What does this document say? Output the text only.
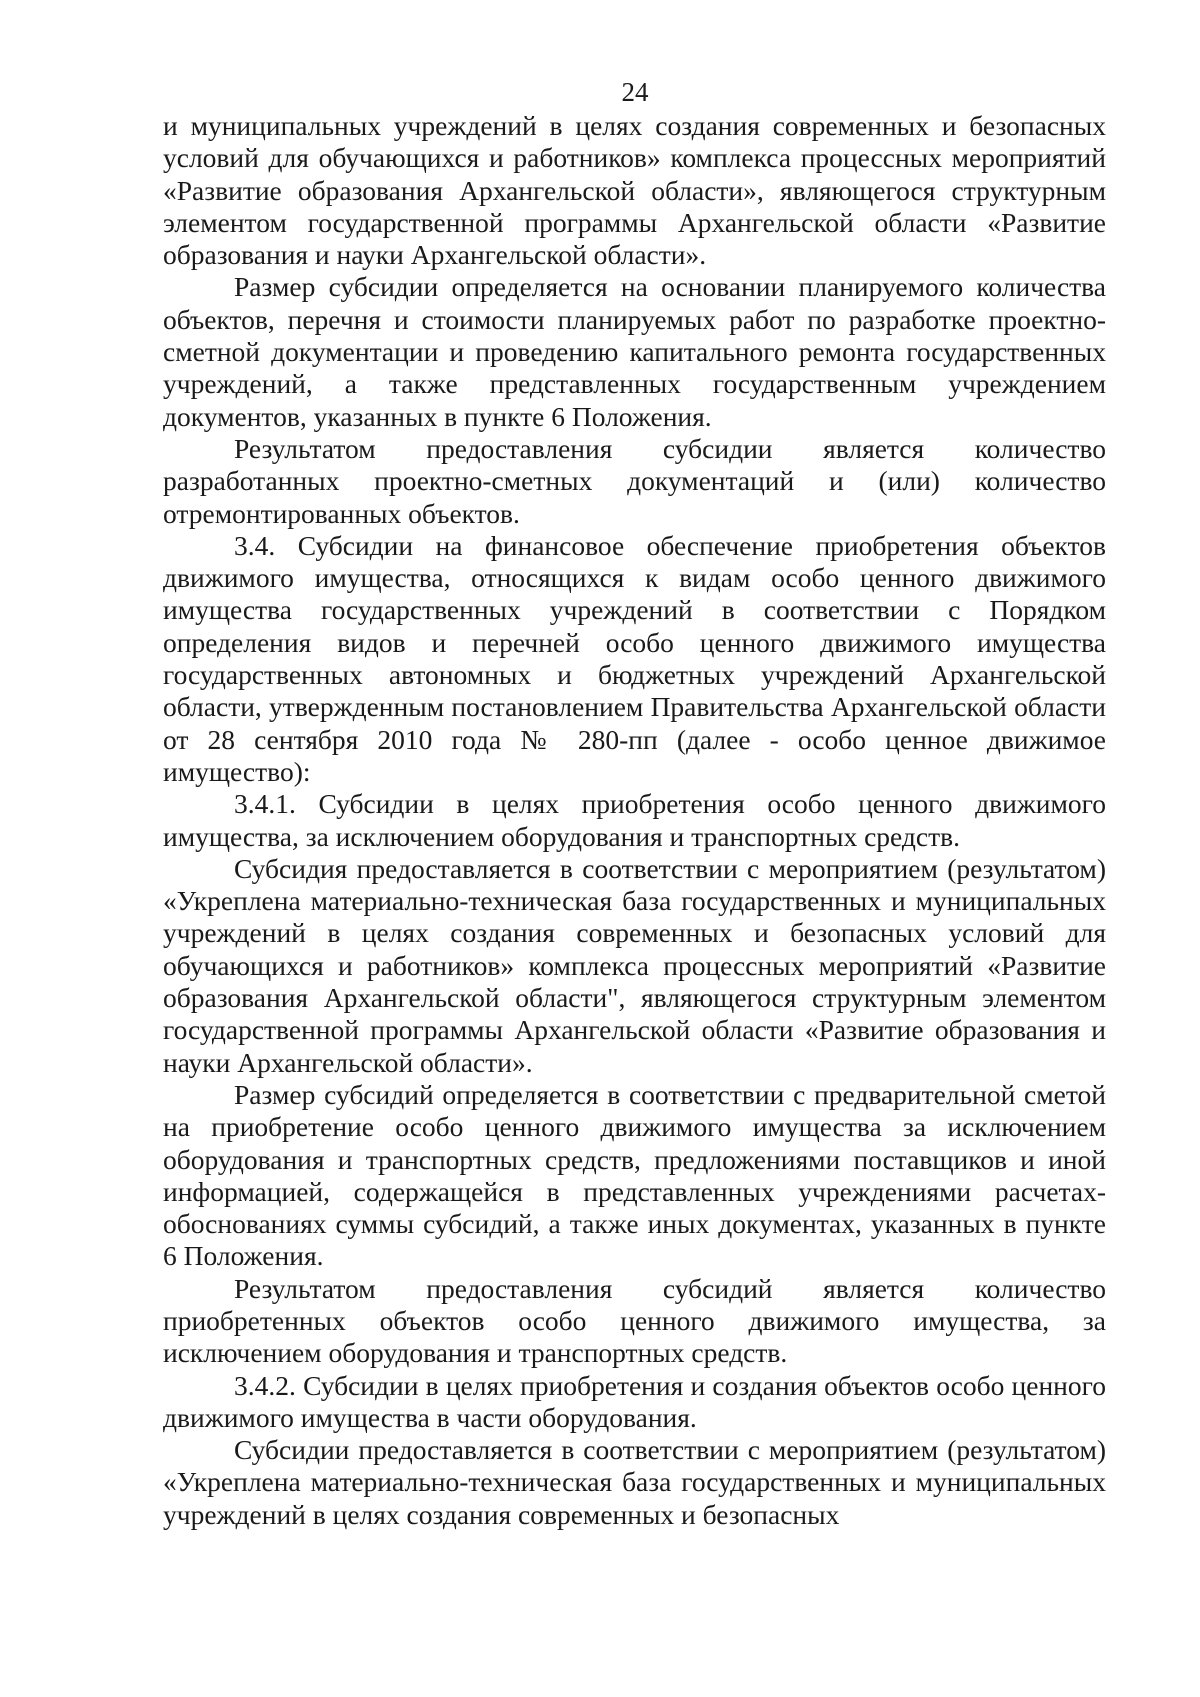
24

и муниципальных учреждений в целях создания современных и безопасных условий для обучающихся и работников» комплекса процессных мероприятий «Развитие образования Архангельской области», являющегося структурным элементом государственной программы Архангельской области «Развитие образования и науки Архангельской области».

Размер субсидии определяется на основании планируемого количества объектов, перечня и стоимости планируемых работ по разработке проектно-сметной документации и проведению капитального ремонта государственных учреждений, а также представленных государственным учреждением документов, указанных в пункте 6 Положения.

Результатом предоставления субсидии является количество разработанных проектно-сметных документаций и (или) количество отремонтированных объектов.

3.4. Субсидии на финансовое обеспечение приобретения объектов движимого имущества, относящихся к видам особо ценного движимого имущества государственных учреждений в соответствии с Порядком определения видов и перечней особо ценного движимого имущества государственных автономных и бюджетных учреждений Архангельской области, утвержденным постановлением Правительства Архангельской области от 28 сентября 2010 года № 280-пп (далее - особо ценное движимое имущество):

3.4.1. Субсидии в целях приобретения особо ценного движимого имущества, за исключением оборудования и транспортных средств.

Субсидия предоставляется в соответствии с мероприятием (результатом) «Укреплена материально-техническая база государственных и муниципальных учреждений в целях создания современных и безопасных условий для обучающихся и работников» комплекса процессных мероприятий «Развитие образования Архангельской области", являющегося структурным элементом государственной программы Архангельской области «Развитие образования и науки Архангельской области».

Размер субсидий определяется в соответствии с предварительной сметой на приобретение особо ценного движимого имущества за исключением оборудования и транспортных средств, предложениями поставщиков и иной информацией, содержащейся в представленных учреждениями расчетах-обоснованиях суммы субсидий, а также иных документах, указанных в пункте 6 Положения.

Результатом предоставления субсидий является количество приобретенных объектов особо ценного движимого имущества, за исключением оборудования и транспортных средств.

3.4.2. Субсидии в целях приобретения и создания объектов особо ценного движимого имущества в части оборудования.

Субсидии предоставляется в соответствии с мероприятием (результатом) «Укреплена материально-техническая база государственных и муниципальных учреждений в целях создания современных и безопасных
